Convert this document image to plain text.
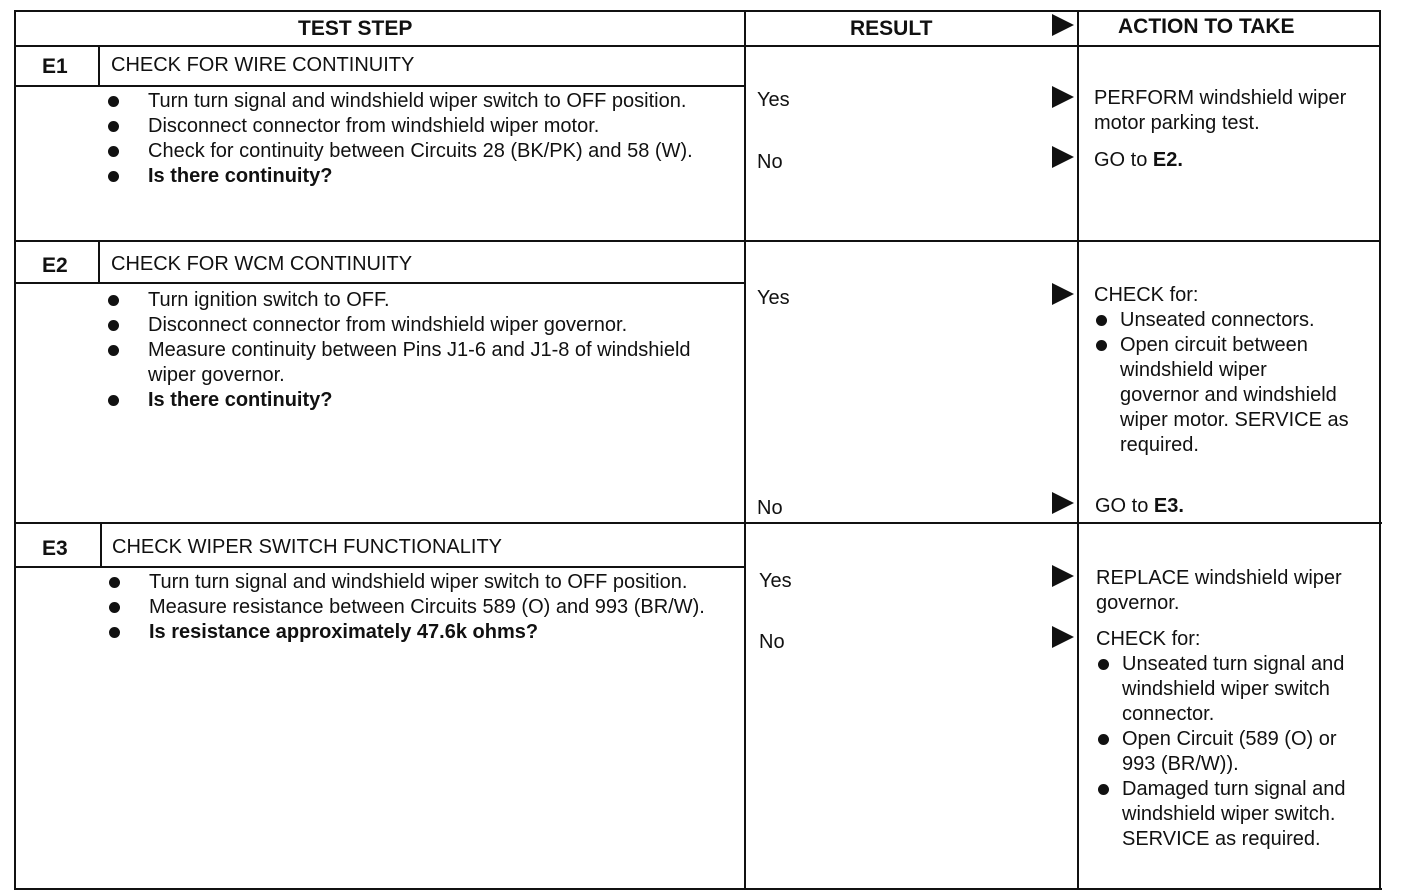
TEST STEP	RESULT	ACTION TO TAKE
E1 CHECK FOR WIRE CONTINUITY
Turn turn signal and windshield wiper switch to OFF position.
Disconnect connector from windshield wiper motor.
Check for continuity between Circuits 28 (BK/PK) and 58 (W).
Is there continuity?
Yes	PERFORM windshield wiper motor parking test.
No	GO to E2.
E2 CHECK FOR WCM CONTINUITY
Turn ignition switch to OFF.
Disconnect connector from windshield wiper governor.
Measure continuity between Pins J1-6 and J1-8 of windshield wiper governor.
Is there continuity?
Yes	CHECK for:
Unseated connectors.
Open circuit between windshield wiper governor and windshield wiper motor. SERVICE as required.
No	GO to E3.
E3 CHECK WIPER SWITCH FUNCTIONALITY
Turn turn signal and windshield wiper switch to OFF position.
Measure resistance between Circuits 589 (O) and 993 (BR/W).
Is resistance approximately 47.6k ohms?
Yes	REPLACE windshield wiper governor.
No	CHECK for:
Unseated turn signal and windshield wiper switch connector.
Open Circuit (589 (O) or 993 (BR/W)).
Damaged turn signal and windshield wiper switch. SERVICE as required.
